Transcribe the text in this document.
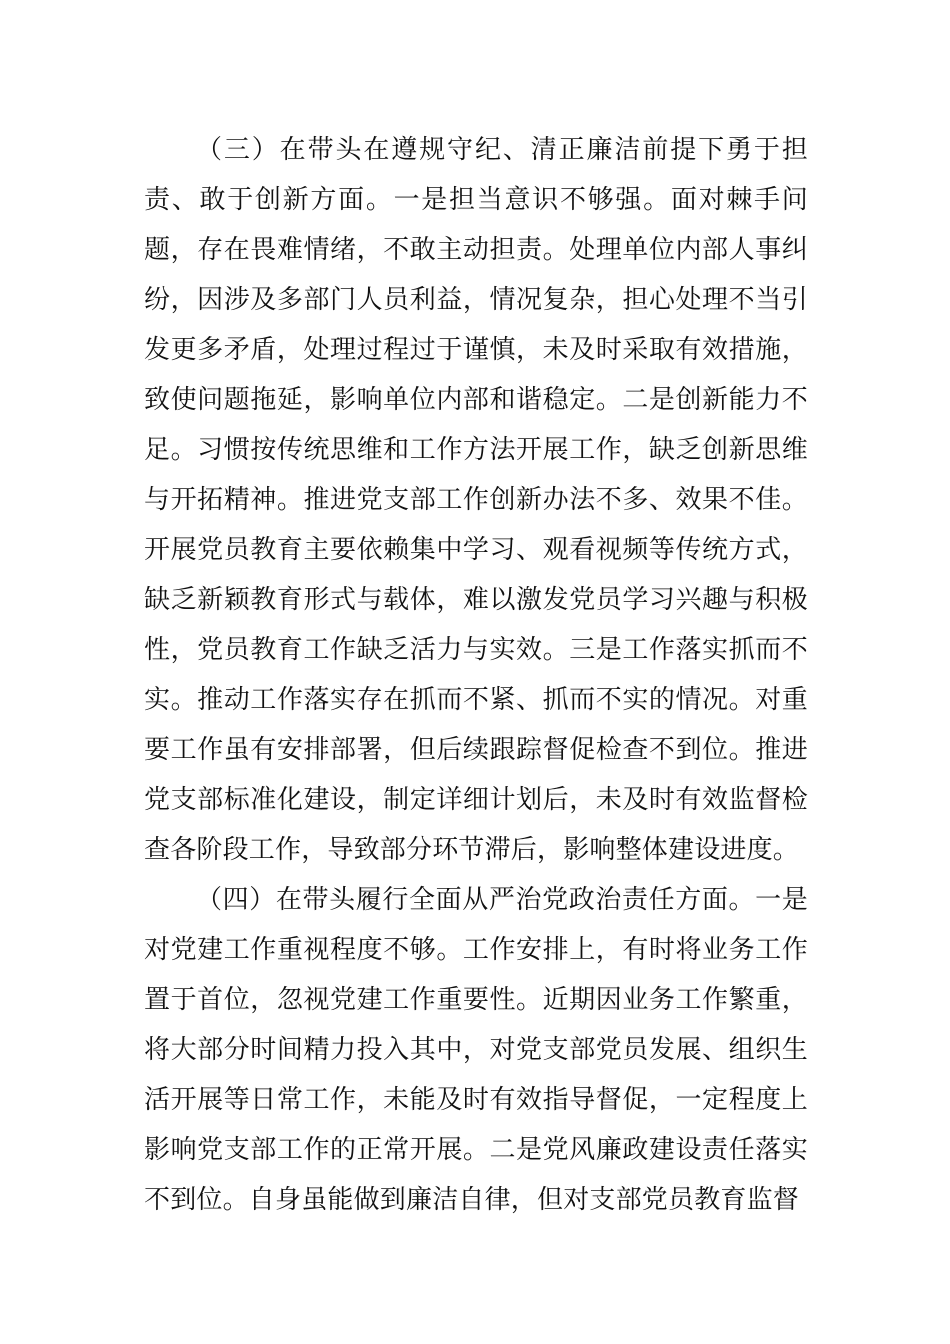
（三）在带头在遵规守纪、清正廉洁前提下勇于担责、敢于创新方面。一是担当意识不够强。面对棘手问题，存在畏难情绪，不敢主动担责。处理单位内部人事纠纷，因涉及多部门人员利益，情况复杂，担心处理不当引发更多矛盾，处理过程过于谨慎，未及时采取有效措施，致使问题拖延，影响单位内部和谐稳定。二是创新能力不足。习惯按传统思维和工作方法开展工作，缺乏创新思维与开拓精神。推进党支部工作创新办法不多、效果不佳。开展党员教育主要依赖集中学习、观看视频等传统方式，缺乏新颖教育形式与载体，难以激发党员学习兴趣与积极性，党员教育工作缺乏活力与实效。三是工作落实抓而不实。推动工作落实存在抓而不紧、抓而不实的情况。对重要工作虽有安排部署，但后续跟踪督促检查不到位。推进党支部标准化建设，制定详细计划后，未及时有效监督检查各阶段工作，导致部分环节滞后，影响整体建设进度。

（四）在带头履行全面从严治党政治责任方面。一是对党建工作重视程度不够。工作安排上，有时将业务工作置于首位，忽视党建工作重要性。近期因业务工作繁重，将大部分时间精力投入其中，对党支部党员发展、组织生活开展等日常工作，未能及时有效指导督促，一定程度上影响党支部工作的正常开展。二是党风廉政建设责任落实不到位。自身虽能做到廉洁自律，但对支部党员教育监督
